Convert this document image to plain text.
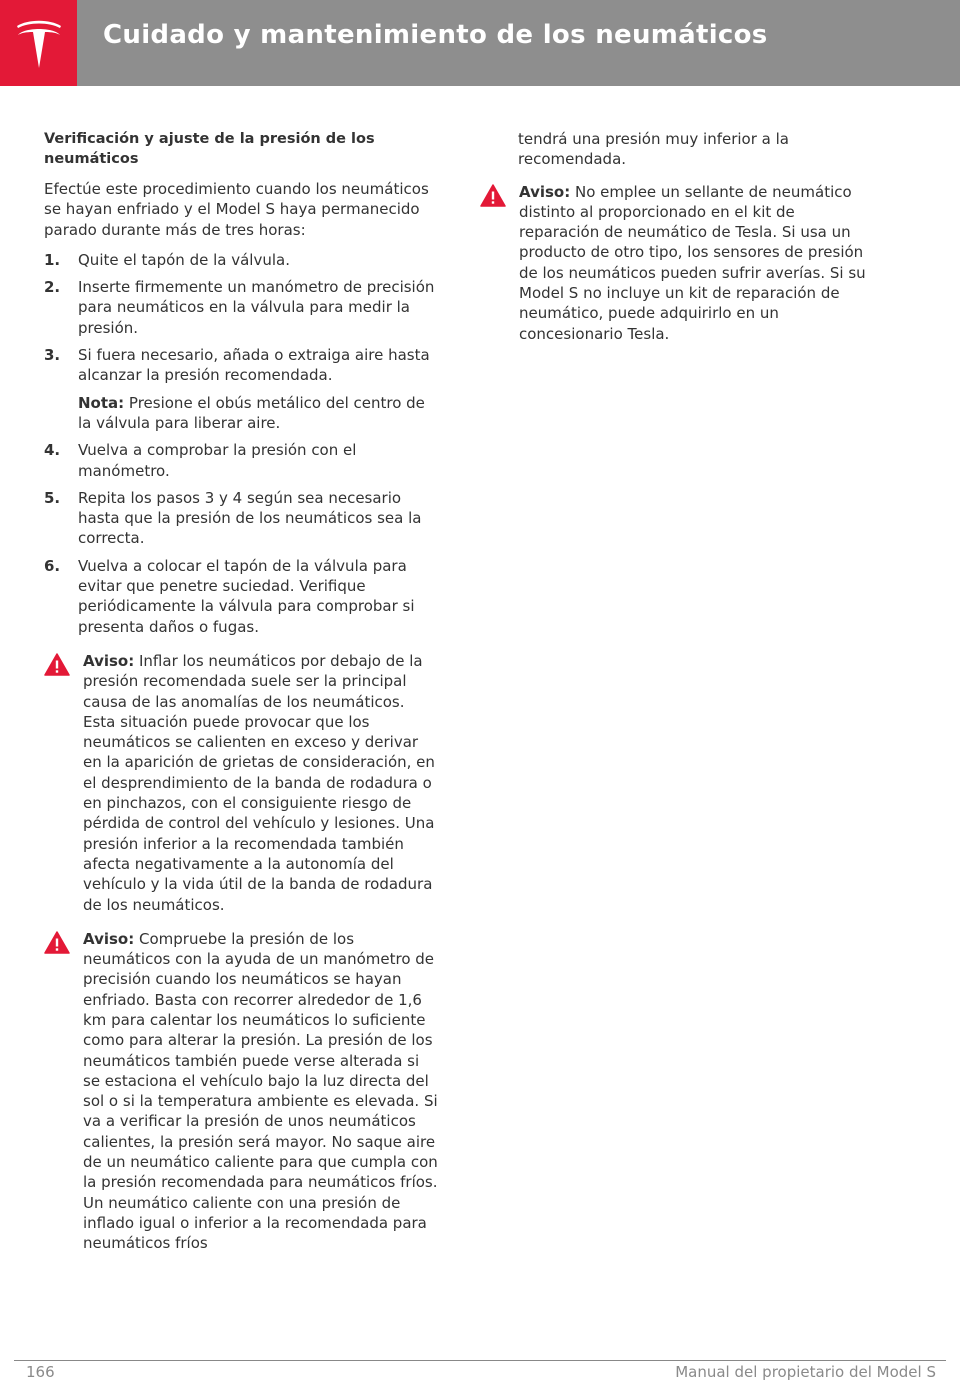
Cuidado y mantenimiento de los neumáticos
Verificación y ajuste de la presión de los neumáticos

Efectúe este procedimiento cuando los neumáticos se hayan enfriado y el Model S haya permanecido parado durante más de tres horas:

1. Quite el tapón de la válvula.
2. Inserte firmemente un manómetro de precisión para neumáticos en la válvula para medir la presión.
3. Si fuera necesario, añada o extraiga aire hasta alcanzar la presión recomendada.
Nota: Presione el obús metálico del centro de la válvula para liberar aire.
4. Vuelva a comprobar la presión con el manómetro.
5. Repita los pasos 3 y 4 según sea necesario hasta que la presión de los neumáticos sea la correcta.
6. Vuelva a colocar el tapón de la válvula para evitar que penetre suciedad. Verifique periódicamente la válvula para comprobar si presenta daños o fugas.
Aviso: Inflar los neumáticos por debajo de la presión recomendada suele ser la principal causa de las anomalías de los neumáticos. Esta situación puede provocar que los neumáticos se calienten en exceso y derivar en la aparición de grietas de consideración, en el desprendimiento de la banda de rodadura o en pinchazos, con el consiguiente riesgo de pérdida de control del vehículo y lesiones. Una presión inferior a la recomendada también afecta negativamente a la autonomía del vehículo y la vida útil de la banda de rodadura de los neumáticos.
Aviso: Compruebe la presión de los neumáticos con la ayuda de un manómetro de precisión cuando los neumáticos se hayan enfriado. Basta con recorrer alrededor de 1,6 km para calentar los neumáticos lo suficiente como para alterar la presión. La presión de los neumáticos también puede verse alterada si se estaciona el vehículo bajo la luz directa del sol o si la temperatura ambiente es elevada. Si va a verificar la presión de unos neumáticos calientes, la presión será mayor. No saque aire de un neumático caliente para que cumpla con la presión recomendada para neumáticos fríos. Un neumático caliente con una presión de inflado igual o inferior a la recomendada para neumáticos fríos

tendrá una presión muy inferior a la recomendada.

Aviso: No emplee un sellante de neumático distinto al proporcionado en el kit de reparación de neumático de Tesla. Si usa un producto de otro tipo, los sensores de presión de los neumáticos pueden sufrir averías. Si su Model S no incluye un kit de reparación de neumático, puede adquirirlo en un concesionario Tesla.
166	Manual del propietario del Model S
